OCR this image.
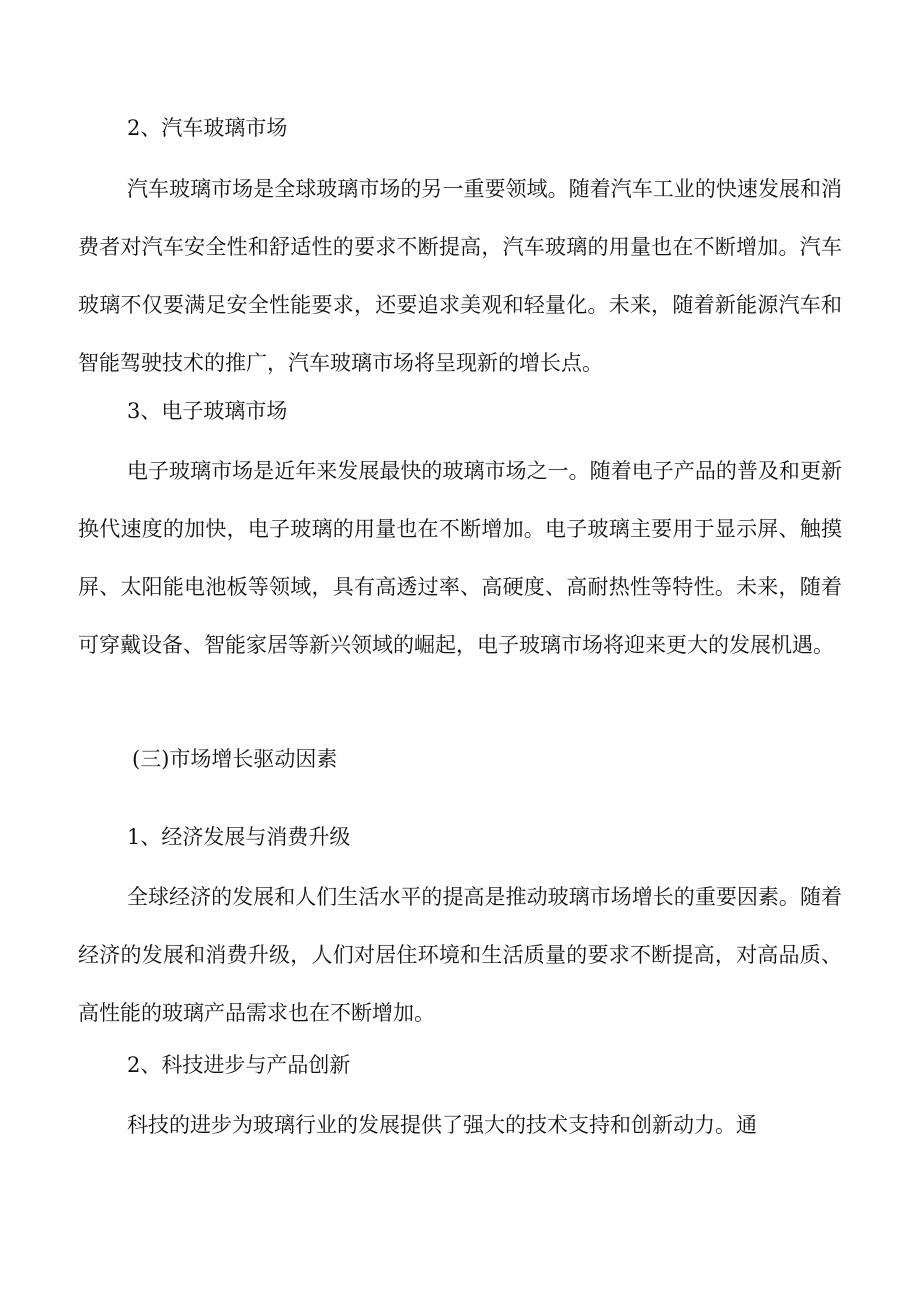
2、汽车玻璃市场

汽车玻璃市场是全球玻璃市场的另一重要领域。随着汽车工业的快速发展和消费者对汽车安全性和舒适性的要求不断提高，汽车玻璃的用量也在不断增加。汽车玻璃不仅要满足安全性能要求，还要追求美观和轻量化。未来，随着新能源汽车和智能驾驶技术的推广，汽车玻璃市场将呈现新的增长点。

3、电子玻璃市场

电子玻璃市场是近年来发展最快的玻璃市场之一。随着电子产品的普及和更新换代速度的加快，电子玻璃的用量也在不断增加。电子玻璃主要用于显示屏、触摸屏、太阳能电池板等领域，具有高透过率、高硬度、高耐热性等特性。未来，随着可穿戴设备、智能家居等新兴领域的崛起，电子玻璃市场将迎来更大的发展机遇。

(三)市场增长驱动因素
1、经济发展与消费升级

全球经济的发展和人们生活水平的提高是推动玻璃市场增长的重要因素。随着经济的发展和消费升级，人们对居住环境和生活质量的要求不断提高，对高品质、高性能的玻璃产品需求也在不断增加。

2、科技进步与产品创新

科技的进步为玻璃行业的发展提供了强大的技术支持和创新动力。通
